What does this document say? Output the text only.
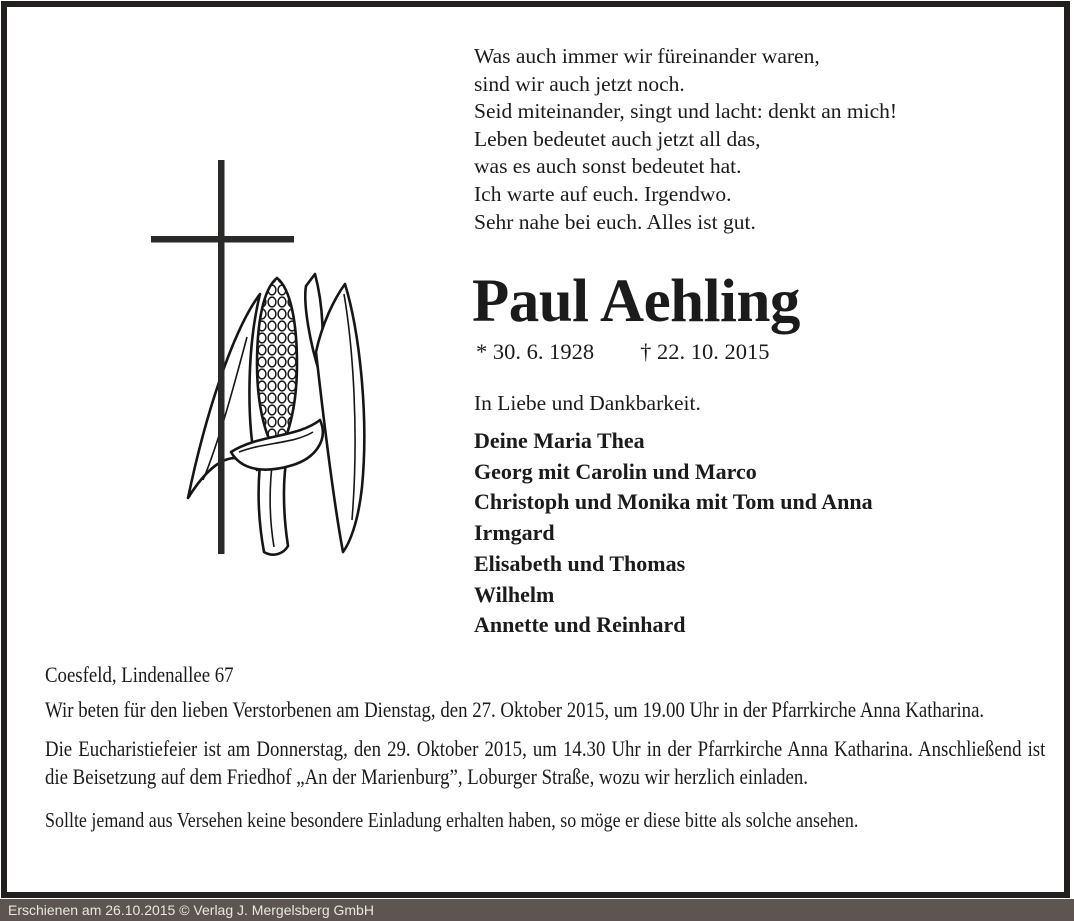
Was auch immer wir füreinander waren,
sind wir auch jetzt noch.
Seid miteinander, singt und lacht: denkt an mich!
Leben bedeutet auch jetzt all das,
was es auch sonst bedeutet hat.
Ich warte auf euch. Irgendwo.
Sehr nahe bei euch. Alles ist gut.
Paul Aehling
* 30. 6. 1928 † 22. 10. 2015
In Liebe und Dankbarkeit.
Deine Maria Thea
Georg mit Carolin und Marco
Christoph und Monika mit Tom und Anna
Irmgard
Elisabeth und Thomas
Wilhelm
Annette und Reinhard
Coesfeld, Lindenallee 67

Wir beten für den lieben Verstorbenen am Dienstag, den 27. Oktober 2015, um 19.00 Uhr in der Pfarrkirche Anna Katharina.

Die Eucharistiefeier ist am Donnerstag, den 29. Oktober 2015, um 14.30 Uhr in der Pfarrkirche Anna Katharina. Anschließend ist die Beisetzung auf dem Friedhof „An der Marienburg”, Loburger Straße, wozu wir herzlich einladen.

Sollte jemand aus Versehen keine besondere Einladung erhalten haben, so möge er diese bitte als solche ansehen.

Erschienen am 26.10.2015 © Verlag J. Mergelsberg GmbH
